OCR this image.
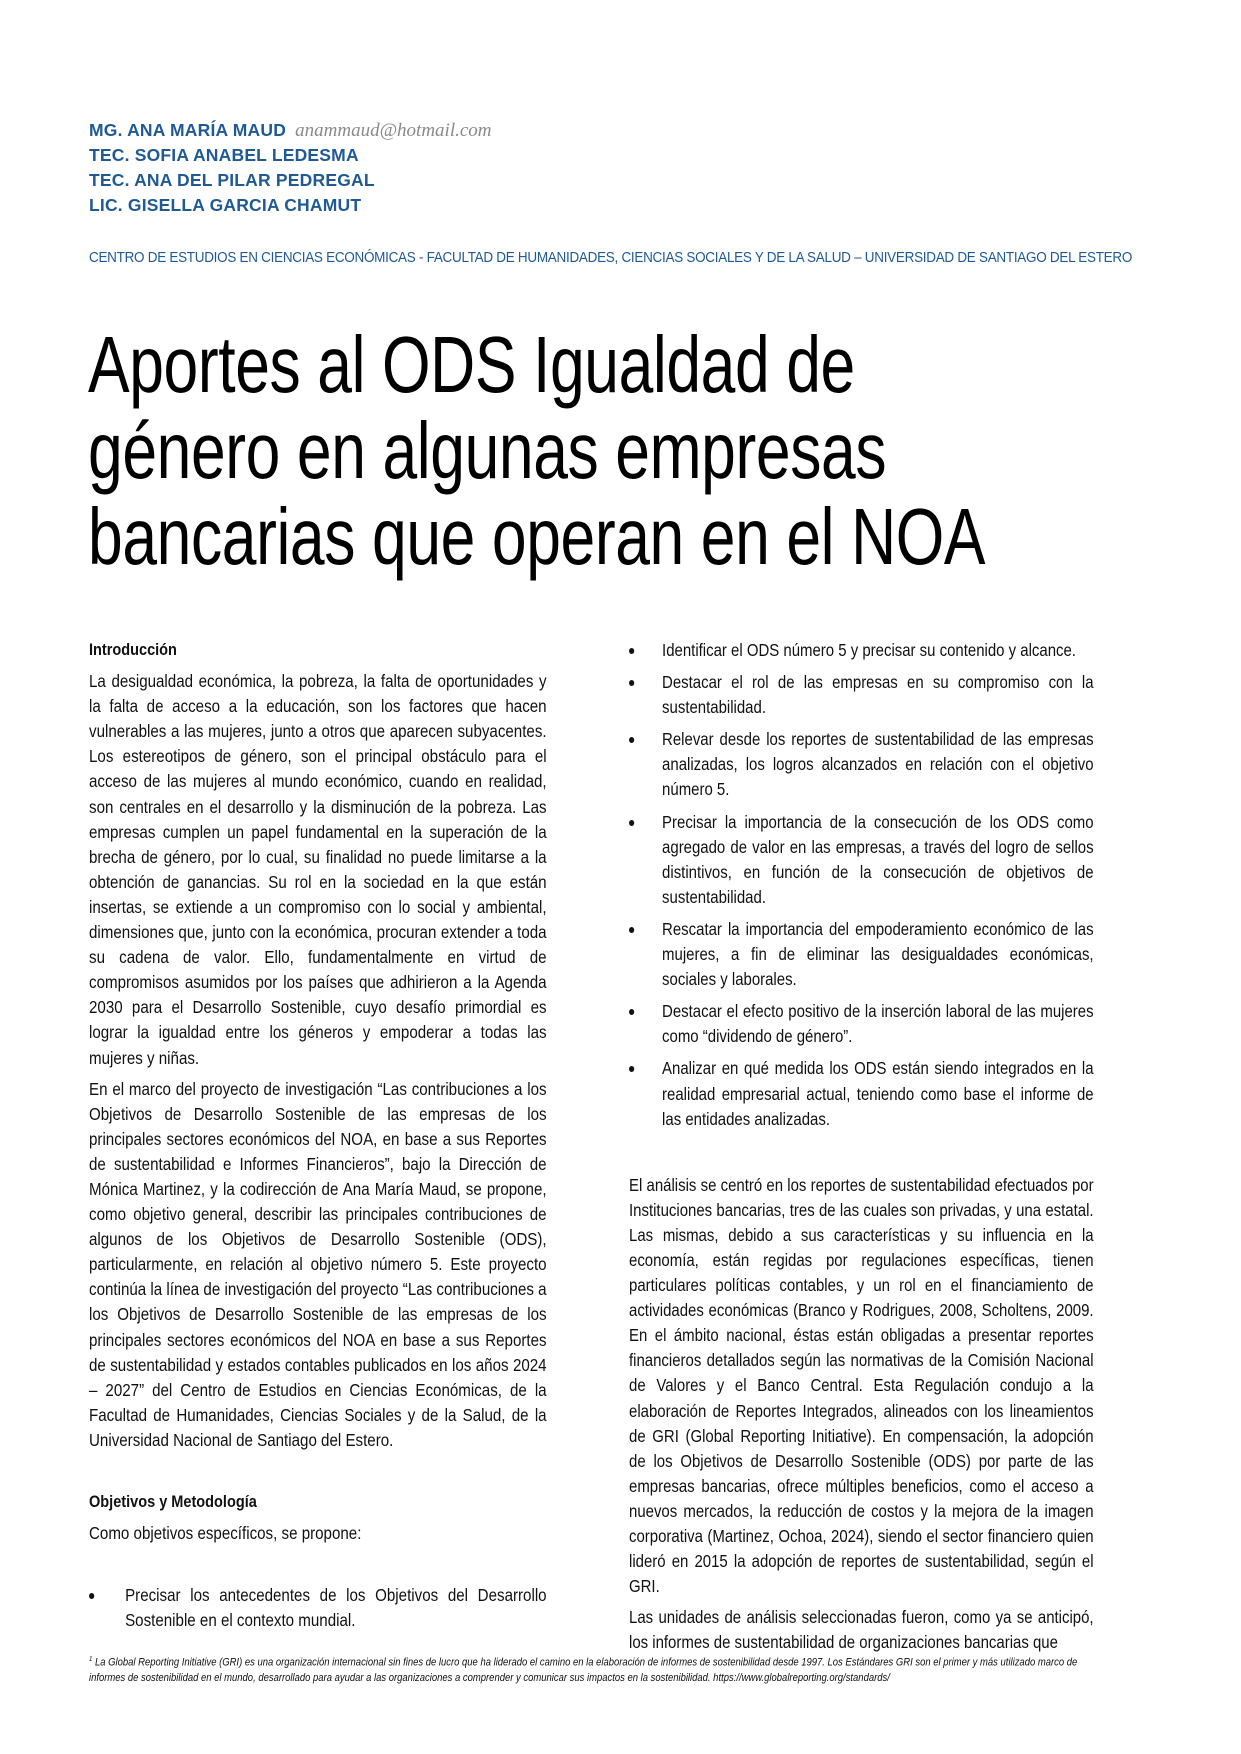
MG. ANA MARÍA MAUD anammaud@hotmail.com
TEC. SOFIA ANABEL LEDESMA
TEC. ANA DEL PILAR PEDREGAL
LIC. GISELLA GARCIA CHAMUT
CENTRO DE ESTUDIOS EN CIENCIAS ECONÓMICAS - FACULTAD DE HUMANIDADES, CIENCIAS SOCIALES Y DE LA SALUD – UNIVERSIDAD DE SANTIAGO DEL ESTERO
Aportes al ODS Igualdad de
género en algunas empresas
bancarias que operan en el NOA
Introducción

La desigualdad económica, la pobreza, la falta de oportunidades y la falta de acceso a la educación, son los factores que hacen vulnerables a las mujeres, junto a otros que aparecen subyacentes. Los estereotipos de género, son el principal obstáculo para el acceso de las mujeres al mundo económico, cuando en realidad, son centrales en el desarrollo y la disminución de la pobreza. Las empresas cumplen un papel fundamental en la superación de la brecha de género, por lo cual, su finalidad no puede limitarse a la obtención de ganancias. Su rol en la sociedad en la que están insertas, se extiende a un compromiso con lo social y ambiental, dimensiones que, junto con la económica, procuran extender a toda su cadena de valor. Ello, fundamentalmente en virtud de compromisos asumidos por los países que adhirieron a la Agenda 2030 para el Desarrollo Sostenible, cuyo desafío primordial es lograr la igualdad entre los géneros y empoderar a todas las mujeres y niñas.

En el marco del proyecto de investigación “Las contribuciones a los Objetivos de Desarrollo Sostenible de las empresas de los principales sectores económicos del NOA, en base a sus Reportes de sustentabilidad e Informes Financieros”, bajo la Dirección de Mónica Martinez, y la codirección de Ana María Maud, se propone, como objetivo general, describir las principales contribuciones de algunos de los Objetivos de Desarrollo Sostenible (ODS), particularmente, en relación al objetivo número 5. Este proyecto continúa la línea de investigación del proyecto “Las contribuciones a los Objetivos de Desarrollo Sostenible de las empresas de los principales sectores económicos del NOA en base a sus Reportes de sustentabilidad y estados contables publicados en los años 2024 – 2027” del Centro de Estudios en Ciencias Económicas, de la Facultad de Humanidades, Ciencias Sociales y de la Salud, de la Universidad Nacional de Santiago del Estero.

Objetivos y Metodología

Como objetivos específicos, se propone:

Precisar los antecedentes de los Objetivos del Desarrollo Sostenible en el contexto mundial.
Identificar el ODS número 5 y precisar su contenido y alcance.
Destacar el rol de las empresas en su compromiso con la sustentabilidad.
Relevar desde los reportes de sustentabilidad de las empresas analizadas, los logros alcanzados en relación con el objetivo número 5.
Precisar la importancia de la consecución de los ODS como agregado de valor en las empresas, a través del logro de sellos distintivos, en función de la consecución de objetivos de sustentabilidad.
Rescatar la importancia del empoderamiento económico de las mujeres, a fin de eliminar las desigualdades económicas, sociales y laborales.
Destacar el efecto positivo de la inserción laboral de las mujeres como “dividendo de género”.
Analizar en qué medida los ODS están siendo integrados en la realidad empresarial actual, teniendo como base el informe de las entidades analizadas.

El análisis se centró en los reportes de sustentabilidad efectuados por Instituciones bancarias, tres de las cuales son privadas, y una estatal. Las mismas, debido a sus características y su influencia en la economía, están regidas por regulaciones específicas, tienen particulares políticas contables, y un rol en el financiamiento de actividades económicas (Branco y Rodrigues, 2008, Scholtens, 2009. En el ámbito nacional, éstas están obligadas a presentar reportes financieros detallados según las normativas de la Comisión Nacional de Valores y el Banco Central. Esta Regulación condujo a la elaboración de Reportes Integrados, alineados con los lineamientos de GRI (Global Reporting Initiative). En compensación, la adopción de los Objetivos de Desarrollo Sostenible (ODS) por parte de las empresas bancarias, ofrece múltiples beneficios, como el acceso a nuevos mercados, la reducción de costos y la mejora de la imagen corporativa (Martinez, Ochoa, 2024), siendo el sector financiero quien lideró en 2015 la adopción de reportes de sustentabilidad, según el GRI.

Las unidades de análisis seleccionadas fueron, como ya se anticipó, los informes de sustentabilidad de organizaciones bancarias que

$^1$ La Global Reporting Initiative (GRI) es una organización internacional sin fines de lucro que ha liderado el camino en la elaboración de informes de sostenibilidad desde 1997. Los Estándares GRI son el primer y más utilizado marco de informes de sostenibilidad en el mundo, desarrollado para ayudar a las organizaciones a comprender y comunicar sus impactos en la sostenibilidad. https://www.globalreporting.org/standards/
